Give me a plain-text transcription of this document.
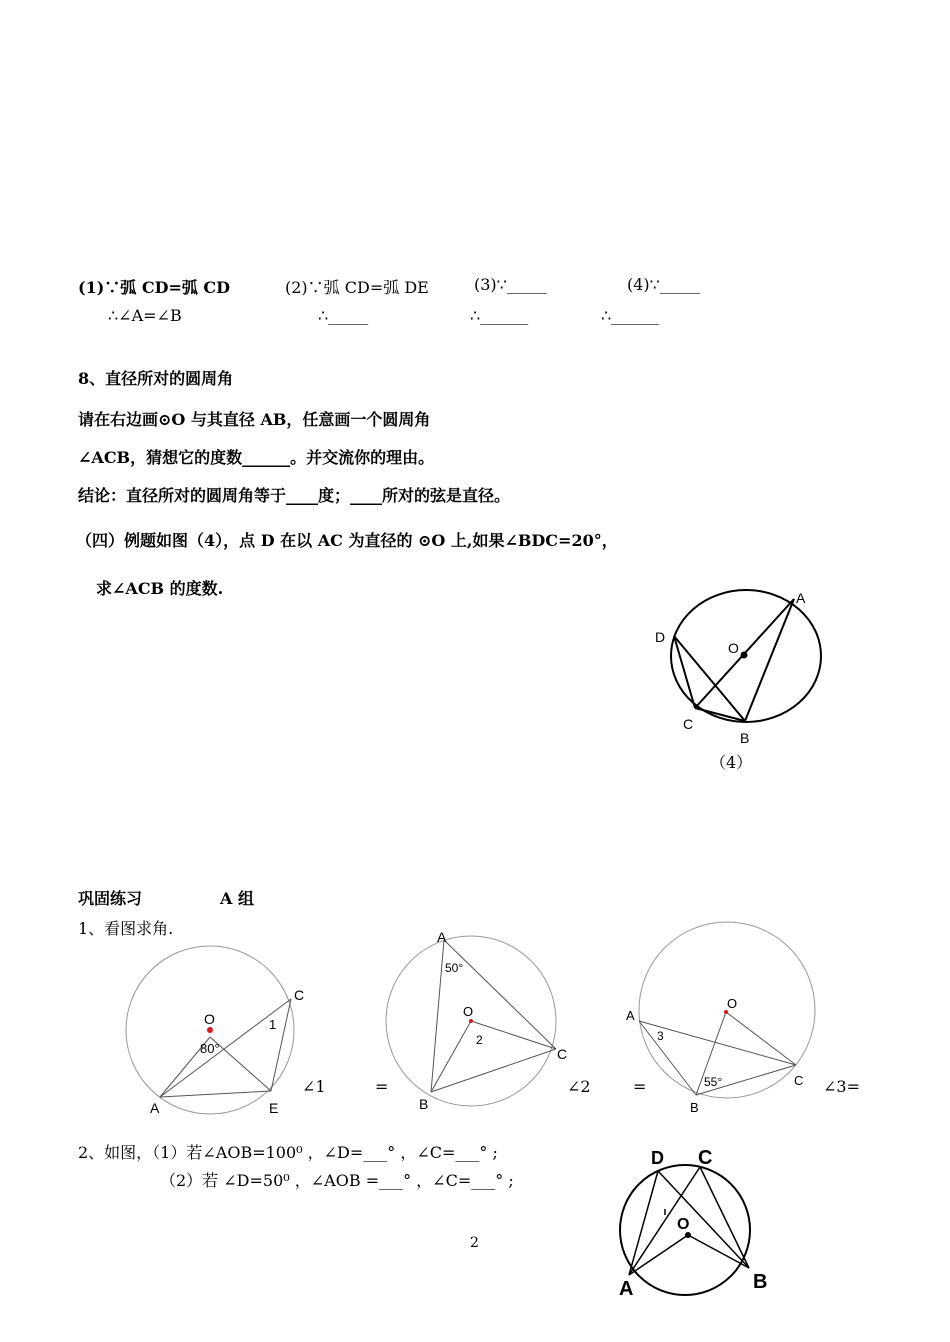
(1)∵弧 CD=弧 CD
∴∠A=∠B
(2)∵弧 CD=弧 DE
∴_____
(3)∵_____
∴______
(4)∵_____
∴______
8、直径所对的圆周角
请在右边画⊙O 与其直径 AB，任意画一个圆周角
∠ACB，猜想它的度数______。并交流你的理由。
结论：直径所对的圆周角等于____度；____所对的弦是直径。
（四）例题如图（4），点 D 在以 AC 为直径的 ⊙O 上,如果∠BDC=20°，
求∠ACB 的度数.	A
D
O
C
B
（4）
巩固练习	A 组
1、看图求角.
O
80°
1
C
A	E
∠1	=
A
50°
O
2
C
B
∠2	=
A
O
3
55°	C
B
∠3=
2、如图，（1）若∠AOB=100⁰ ，∠D=___° ，∠C=___° ;
（2）若 ∠D=50⁰ ，∠AOB =___° ，∠C=___° ;
D C
O
A	B
2
